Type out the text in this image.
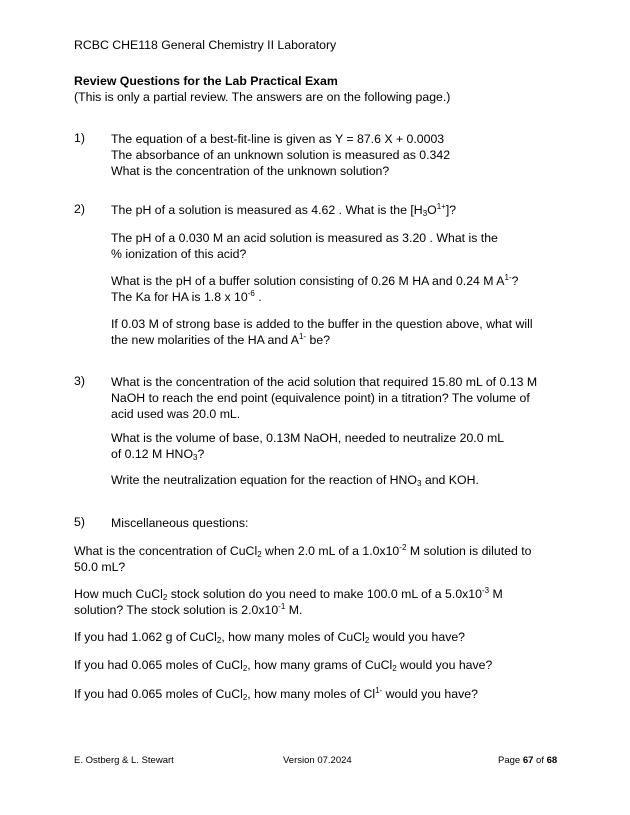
RCBC CHE118 General Chemistry II Laboratory
Review Questions for the Lab Practical Exam
(This is only a partial review. The answers are on the following page.)
1) The equation of a best-fit-line is given as Y = 87.6 X + 0.0003
The absorbance of an unknown solution is measured as 0.342
What is the concentration of the unknown solution?
2) The pH of a solution is measured as 4.62 . What is the $[H_3O^{1+}]$?
The pH of a 0.030 M an acid solution is measured as 3.20 . What is the
% ionization of this acid?
What is the pH of a buffer solution consisting of 0.26 M HA and 0.24 M $A^{1-}$?
The Ka for HA is 1.8 x $10^{-6}$ .
If 0.03 M of strong base is added to the buffer in the question above, what will
the new molarities of the HA and $A^{1-}$ be?
3) What is the concentration of the acid solution that required 15.80 mL of 0.13 M
NaOH to reach the end point (equivalence point) in a titration? The volume of
acid used was 20.0 mL.
What is the volume of base, 0.13M NaOH, needed to neutralize 20.0 mL
of 0.12 M $HNO_3$?
Write the neutralization equation for the reaction of $HNO_3$ and KOH.
5) Miscellaneous questions:
What is the concentration of CuCl$_2$ when 2.0 mL of a $1.0x10^{-2}$ M solution is diluted to
50.0 mL?
How much CuCl$_2$ stock solution do you need to make 100.0 mL of a $5.0x10^{-3}$ M
solution? The stock solution is $2.0x10^{-1}$ M.
If you had 1.062 g of CuCl$_2$, how many moles of CuCl$_2$ would you have?
If you had 0.065 moles of CuCl$_2$, how many grams of CuCl$_2$ would you have?
If you had 0.065 moles of CuCl$_2$, how many moles of $Cl^{1-}$ would you have?
E. Ostberg & L. Stewart	Version 07.2024	Page 67 of 68
